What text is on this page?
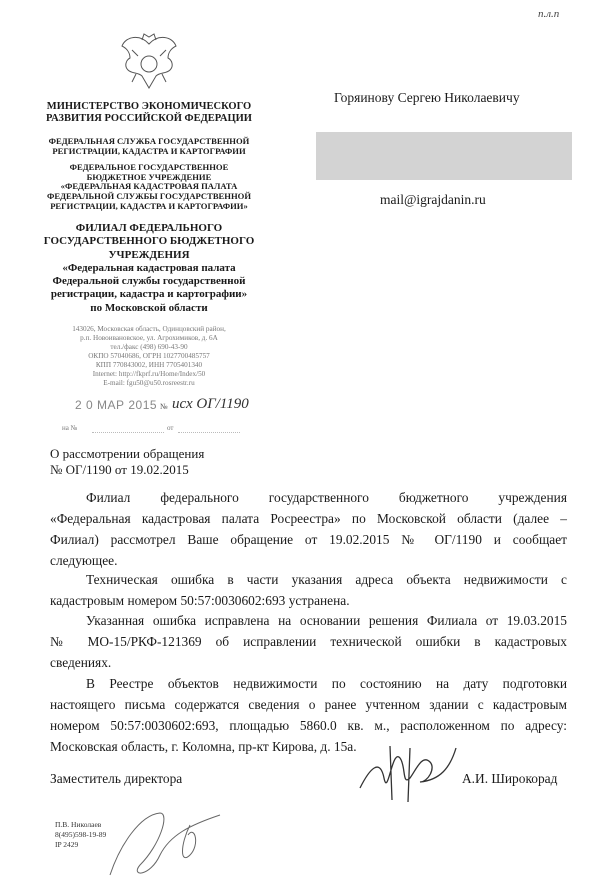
п.л.п
МИНИСТЕРСТВО ЭКОНОМИЧЕСКОГО
РАЗВИТИЯ РОССИЙСКОЙ ФЕДЕРАЦИИ
ФЕДЕРАЛЬНАЯ СЛУЖБА ГОСУДАРСТВЕННОЙ
РЕГИСТРАЦИИ, КАДАСТРА И КАРТОГРАФИИ
ФЕДЕРАЛЬНОЕ ГОСУДАРСТВЕННОЕ
БЮДЖЕТНОЕ УЧРЕЖДЕНИЕ
«ФЕДЕРАЛЬНАЯ КАДАСТРОВАЯ ПАЛАТА
ФЕДЕРАЛЬНОЙ СЛУЖБЫ ГОСУДАРСТВЕННОЙ
РЕГИСТРАЦИИ, КАДАСТРА И КАРТОГРАФИИ»
ФИЛИАЛ ФЕДЕРАЛЬНОГО
ГОСУДАРСТВЕННОГО БЮДЖЕТНОГО
УЧРЕЖДЕНИЯ
«Федеральная кадастровая палата
Федеральной службы государственной
регистрации, кадастра и картографии»
по Московской области
143026, Московская область, Одинцовский район,
р.п. Новоивановское, ул. Агрохимиков, д. 6А
тел./факс (498) 690-43-90
ОКПО 57040686, ОГРН 1027700485757
КПП 770843002, ИНН 7705401340
Internet: http://fkprf.ru/Home/Index/50
E-mail: fgu50@u50.rosreestr.ru
2 0 МАР 2015 № исх ОГ/1190
на №	от
Горяинову Сергею Николаевичу
mail@igrajdanin.ru
О рассмотрении обращения
№ ОГ/1190 от 19.02.2015
Филиал федерального государственного бюджетного учреждения
«Федеральная кадастровая палата Росреестра» по Московской области (далее –
Филиал) рассмотрел Ваше обращение от 19.02.2015 № ОГ/1190 и сообщает
следующее.
Техническая ошибка в части указания адреса объекта недвижимости с
кадастровым номером 50:57:0030602:693 устранена.
Указанная ошибка исправлена на основании решения Филиала от 19.03.2015
№ МО-15/РКФ-121369 об исправлении технической ошибки в кадастровых
сведениях.
В Реестре объектов недвижимости по состоянию на дату подготовки
настоящего письма содержатся сведения о ранее учтенном здании с кадастровым
номером 50:57:0030602:693, площадью 5860.0 кв. м., расположенном по адресу:
Московская область, г. Коломна, пр-кт Кирова, д. 15а.
Заместитель директора	А.И. Широкорад
П.В. Николаев
8(495)598-19-89
IP 2429
